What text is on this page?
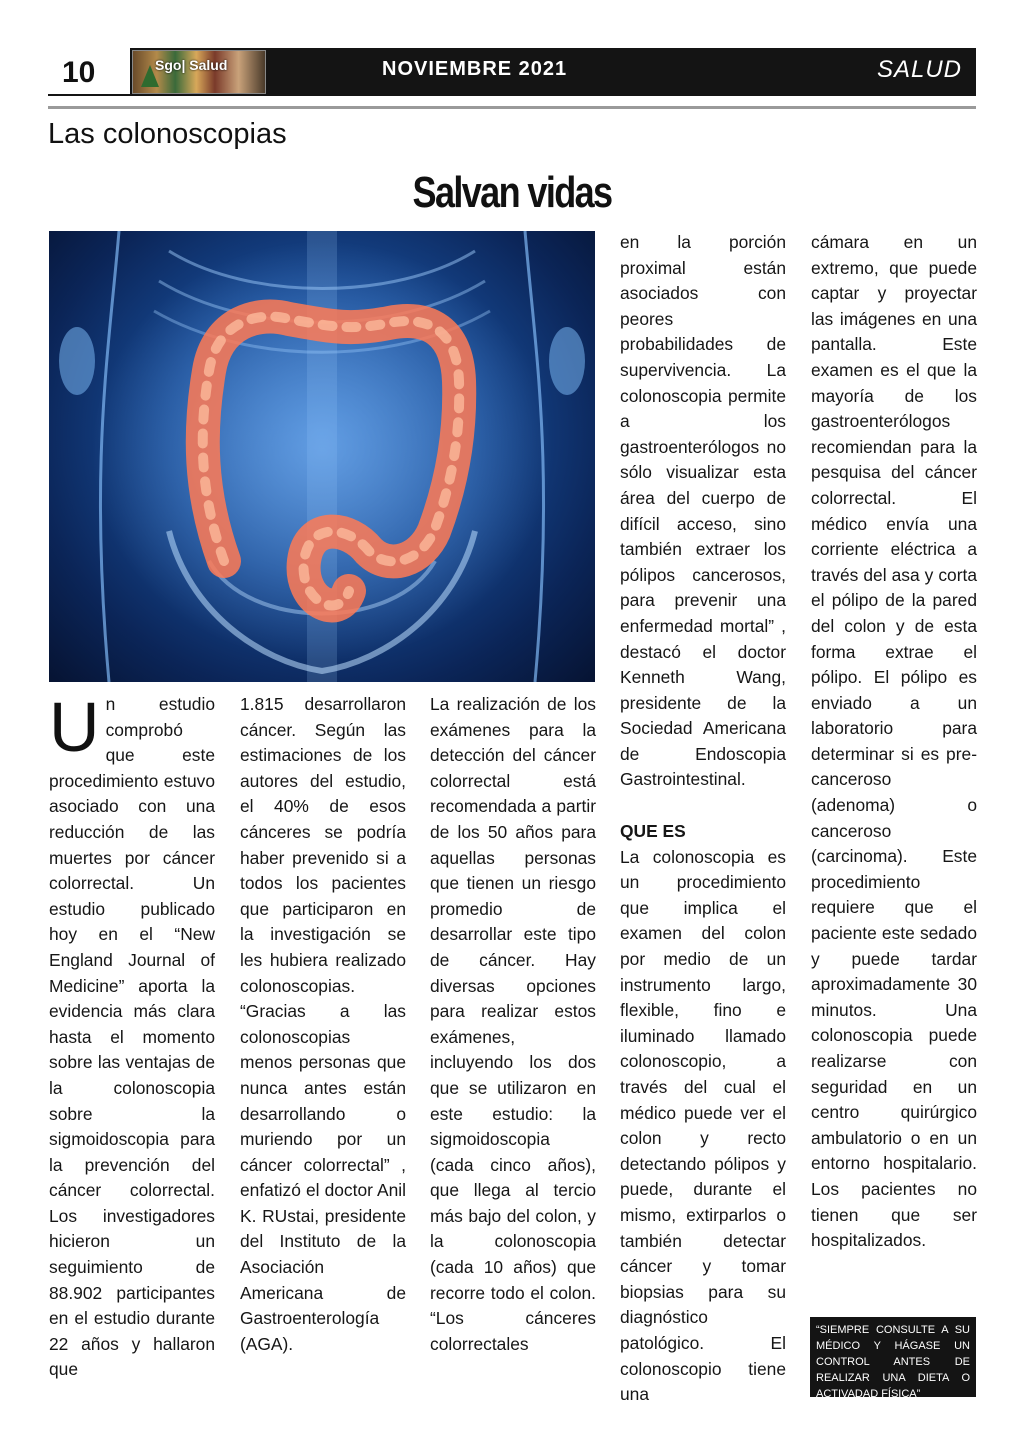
10	Sgo| Salud	NOVIEMBRE 2021	SALUD
Las colonoscopias
Salvan vidas
U n estudio comprobó que este procedimiento estuvo asociado con una reducción de las muertes por cáncer colorrectal. Un estudio publicado hoy en el “New England Journal of Medicine” aporta la evidencia más clara hasta el momento sobre las ventajas de la colonoscopia sobre la sigmoidoscopia para la prevención del cáncer colorrectal. Los investigadores hicieron un seguimiento de 88.902 participantes en el estudio durante 22 años y hallaron que

1.815 desarrollaron cáncer. Según las estimaciones de los autores del estudio, el 40% de esos cánceres se podría haber prevenido si a todos los pacientes que participaron en la investigación se les hubiera realizado colonoscopias. “Gracias a las colonoscopias menos personas que nunca antes están desarrollando o muriendo por un cáncer colorrectal” , enfatizó el doctor Anil K. RUstai, presidente del Instituto de la Asociación Americana de Gastroenterología (AGA).

La realización de los exámenes para la detección del cáncer colorrectal está recomendada a partir de los 50 años para aquellas personas que tienen un riesgo promedio de desarrollar este tipo de cáncer. Hay diversas opciones para realizar estos exámenes, incluyendo los dos que se utilizaron en este estudio: la sigmoidoscopia (cada cinco años), que llega al tercio más bajo del colon, y la colonoscopia (cada 10 años) que recorre todo el colon. “Los cánceres colorrectales

en la porción proximal están asociados con peores probabilidades de supervivencia. La colonoscopia permite a los gastroenterólogos no sólo visualizar esta área del cuerpo de difícil acceso, sino también extraer los pólipos cancerosos, para prevenir una enfermedad mortal” , destacó el doctor Kenneth Wang, presidente de la Sociedad Americana de Endoscopia Gastrointestinal.

QUE ES

La colonoscopia es un procedimiento que implica el examen del colon por medio de un instrumento largo, flexible, fino e iluminado llamado colonoscopio, a través del cual el médico puede ver el colon y recto detectando pólipos y puede, durante el mismo, extirparlos o también detectar cáncer y tomar biopsias para su diagnóstico patológico. El colonoscopio tiene una

cámara en un extremo, que puede captar y proyectar las imágenes en una pantalla. Este examen es el que la mayoría de los gastroenterólogos recomiendan para la pesquisa del cáncer colorrectal. El médico envía una corriente eléctrica a través del asa y corta el pólipo de la pared del colon y de esta forma extrae el pólipo. El pólipo es enviado a un laboratorio para determinar si es pre-canceroso (adenoma) o canceroso (carcinoma). Este procedimiento requiere que el paciente este sedado y puede tardar aproximadamente 30 minutos. Una colonoscopia puede realizarse con seguridad en un centro quirúrgico ambulatorio o en un entorno hospitalario. Los pacientes no tienen que ser hospitalizados.

“SIEMPRE CONSULTE A SU MÉDICO Y HÁGASE UN CONTROL ANTES DE REALIZAR UNA DIETA O ACTIVADAD FÍSICA”
